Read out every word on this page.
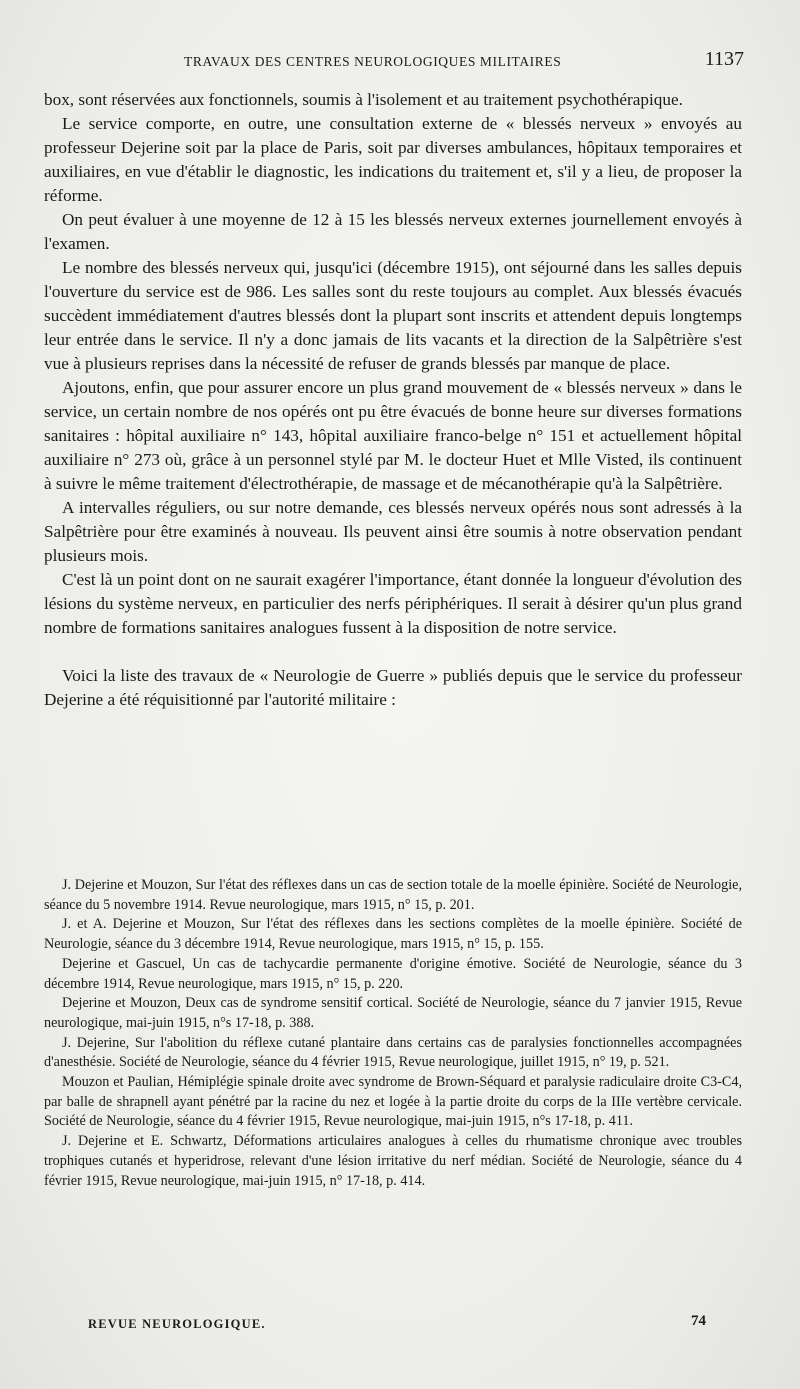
TRAVAUX DES CENTRES NEUROLOGIQUES MILITAIRES	1137

box, sont réservées aux fonctionnels, soumis à l'isolement et au traitement psychothérapique.

Le service comporte, en outre, une consultation externe de « blessés nerveux » envoyés au professeur Dejerine soit par la place de Paris, soit par diverses ambulances, hôpitaux temporaires et auxiliaires, en vue d'établir le diagnostic, les indications du traitement et, s'il y a lieu, de proposer la réforme.

On peut évaluer à une moyenne de 12 à 15 les blessés nerveux externes journellement envoyés à l'examen.

Le nombre des blessés nerveux qui, jusqu'ici (décembre 1915), ont séjourné dans les salles depuis l'ouverture du service est de 986. Les salles sont du reste toujours au complet. Aux blessés évacués succèdent immédiatement d'autres blessés dont la plupart sont inscrits et attendent depuis longtemps leur entrée dans le service. Il n'y a donc jamais de lits vacants et la direction de la Salpêtrière s'est vue à plusieurs reprises dans la nécessité de refuser de grands blessés par manque de place.

Ajoutons, enfin, que pour assurer encore un plus grand mouvement de « blessés nerveux » dans le service, un certain nombre de nos opérés ont pu être évacués de bonne heure sur diverses formations sanitaires : hôpital auxiliaire n° 143, hôpital auxiliaire franco-belge n° 151 et actuellement hôpital auxiliaire n° 273 où, grâce à un personnel stylé par M. le docteur Huet et Mlle Visted, ils continuent à suivre le même traitement d'électrothérapie, de massage et de mécanothérapie qu'à la Salpêtrière.

A intervalles réguliers, ou sur notre demande, ces blessés nerveux opérés nous sont adressés à la Salpêtrière pour être examinés à nouveau. Ils peuvent ainsi être soumis à notre observation pendant plusieurs mois.

C'est là un point dont on ne saurait exagérer l'importance, étant donnée la longueur d'évolution des lésions du système nerveux, en particulier des nerfs périphériques. Il serait à désirer qu'un plus grand nombre de formations sanitaires analogues fussent à la disposition de notre service.

Voici la liste des travaux de « Neurologie de Guerre » publiés depuis que le service du professeur Dejerine a été réquisitionné par l'autorité militaire :

J. Dejerine et Mouzon, Sur l'état des réflexes dans un cas de section totale de la moelle épinière. Société de Neurologie, séance du 5 novembre 1914. Revue neurologique, mars 1915, n° 15, p. 201.

J. et A. Dejerine et Mouzon, Sur l'état des réflexes dans les sections complètes de la moelle épinière. Société de Neurologie, séance du 3 décembre 1914, Revue neurologique, mars 1915, n° 15, p. 155.

Dejerine et Gascuel, Un cas de tachycardie permanente d'origine émotive. Société de Neurologie, séance du 3 décembre 1914, Revue neurologique, mars 1915, n° 15, p. 220.

Dejerine et Mouzon, Deux cas de syndrome sensitif cortical. Société de Neurologie, séance du 7 janvier 1915, Revue neurologique, mai-juin 1915, n°s 17-18, p. 388.

J. Dejerine, Sur l'abolition du réflexe cutané plantaire dans certains cas de paralysies fonctionnelles accompagnées d'anesthésie. Société de Neurologie, séance du 4 février 1915, Revue neurologique, juillet 1915, n° 19, p. 521.

Mouzon et Paulian, Hémiplégie spinale droite avec syndrome de Brown-Séquard et paralysie radiculaire droite C3-C4, par balle de shrapnell ayant pénétré par la racine du nez et logée à la partie droite du corps de la IIIe vertèbre cervicale. Société de Neurologie, séance du 4 février 1915, Revue neurologique, mai-juin 1915, n°s 17-18, p. 411.

J. Dejerine et E. Schwartz, Déformations articulaires analogues à celles du rhumatisme chronique avec troubles trophiques cutanés et hyperidrose, relevant d'une lésion irritative du nerf médian. Société de Neurologie, séance du 4 février 1915, Revue neurologique, mai-juin 1915, n° 17-18, p. 414.

REVUE NEUROLOGIQUE.	74
